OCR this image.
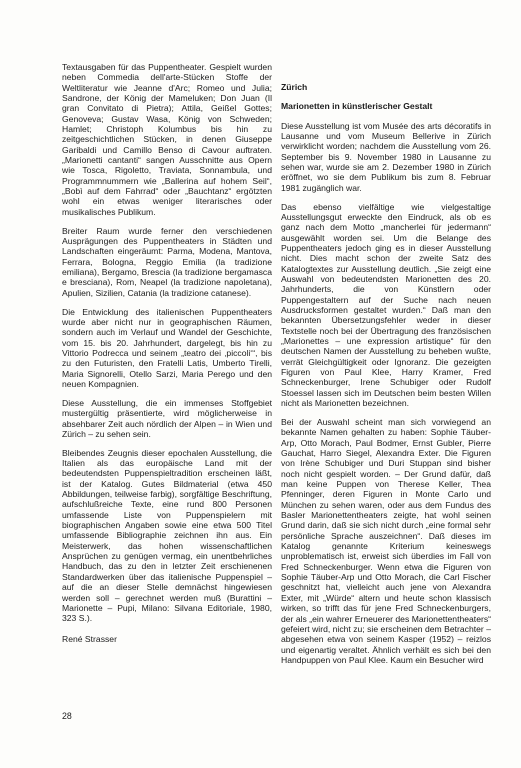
Textausgaben für das Puppentheater. Gespielt wurden neben Commedia dell'arte-Stücken Stoffe der Weltliteratur wie Jeanne d'Arc; Romeo und Julia; Sandrone, der König der Mameluken; Don Juan (Il gran Convitato di Pietra); Attila, Geißel Gottes; Genoveva; Gustav Wasa, König von Schweden; Hamlet; Christoph Kolumbus bis hin zu zeitgeschichtlichen Stücken, in denen Giuseppe Garibaldi und Camillo Benso di Cavour auftraten. „Marionetti cantanti“ sangen Ausschnitte aus Opern wie Tosca, Rigoletto, Traviata, Sonnambula, und Programmnummern wie „Ballerina auf hohem Seil“, „Bobì auf dem Fahrrad“ oder „Bauchtanz“ ergötzten wohl ein etwas weniger literarisches oder musikalisches Publikum.

Breiter Raum wurde ferner den verschiedenen Ausprägungen des Puppentheaters in Städten und Landschaften eingeräumt: Parma, Modena, Mantova, Ferrara, Bologna, Reggio Emilia (la tradizione emiliana), Bergamo, Brescia (la tradizione bergamasca e bresciana), Rom, Neapel (la tradizione napoletana), Apulien, Sizilien, Catania (la tradizione catanese).

Die Entwicklung des italienischen Puppentheaters wurde aber nicht nur in geographischen Räumen, sondern auch im Verlauf und Wandel der Geschichte, vom 15. bis 20. Jahrhundert, dargelegt, bis hin zu Vittorio Podrecca und seinem „teatro dei ‚piccoli‘“, bis zu den Futuristen, den Fratelli Latis, Umberto Tirelli, Maria Signorelli, Otello Sarzi, Maria Perego und den neuen Kompagnien.

Diese Ausstellung, die ein immenses Stoffgebiet mustergültig präsentierte, wird möglicherweise in absehbarer Zeit auch nördlich der Alpen – in Wien und Zürich – zu sehen sein.

Bleibendes Zeugnis dieser epochalen Ausstellung, die Italien als das europäische Land mit der bedeutendsten Puppenspieltradition erscheinen läßt, ist der Katalog. Gutes Bildmaterial (etwa 450 Abbildungen, teilweise farbig), sorgfältige Beschriftung, aufschlußreiche Texte, eine rund 800 Personen umfassende Liste von Puppenspielern mit biographischen Angaben sowie eine etwa 500 Titel umfassende Bibliographie zeichnen ihn aus. Ein Meisterwerk, das hohen wissenschaftlichen Ansprüchen zu genügen vermag, ein unentbehrliches Handbuch, das zu den in letzter Zeit erschienenen Standardwerken über das italienische Puppenspiel – auf die an dieser Stelle demnächst hingewiesen werden soll – gerechnet werden muß (Burattini – Marionette – Pupi, Milano: Silvana Editoriale, 1980, 323 S.).

René Strasser

Zürich

Marionetten in künstlerischer Gestalt

Diese Ausstellung ist vom Musée des arts décoratifs in Lausanne und vom Museum Bellerive in Zürich verwirklicht worden; nachdem die Ausstellung vom 26. September bis 9. November 1980 in Lausanne zu sehen war, wurde sie am 2. Dezember 1980 in Zürich eröffnet, wo sie dem Publikum bis zum 8. Februar 1981 zugänglich war.

Das ebenso vielfältige wie vielgestaltige Ausstellungsgut erweckte den Eindruck, als ob es ganz nach dem Motto „mancherlei für jedermann“ ausgewählt worden sei. Um die Belange des Puppentheaters jedoch ging es in dieser Ausstellung nicht. Dies macht schon der zweite Satz des Katalogtextes zur Ausstellung deutlich. „Sie zeigt eine Auswahl von bedeutendsten Marionetten des 20. Jahrhunderts, die von Künstlern oder Puppengestaltern auf der Suche nach neuen Ausdrucksformen gestaltet wurden.“ Daß man den bekannten Übersetzungsfehler weder in dieser Textstelle noch bei der Übertragung des französischen „Marionettes – une expression artistique“ für den deutschen Namen der Ausstellung zu beheben wußte, verrät Gleichgültigkeit oder Ignoranz. Die gezeigten Figuren von Paul Klee, Harry Kramer, Fred Schneckenburger, Irene Schubiger oder Rudolf Stoessel lassen sich im Deutschen beim besten Willen nicht als Marionetten bezeichnen.

Bei der Auswahl scheint man sich vorwiegend an bekannte Namen gehalten zu haben: Sophie Täuber-Arp, Otto Morach, Paul Bodmer, Ernst Gubler, Pierre Gauchat, Harro Siegel, Alexandra Exter. Die Figuren von Irène Schubiger und Duri Stuppan sind bisher noch nicht gespielt worden. – Der Grund dafür, daß man keine Puppen von Therese Keller, Thea Pfenninger, deren Figuren in Monte Carlo und München zu sehen waren, oder aus dem Fundus des Basler Marionettentheaters zeigte, hat wohl seinen Grund darin, daß sie sich nicht durch „eine formal sehr persönliche Sprache auszeichnen“. Daß dieses im Katalog genannte Kriterium keineswegs unproblematisch ist, erweist sich überdies im Fall von Fred Schneckenburger. Wenn etwa die Figuren von Sophie Täuber-Arp und Otto Morach, die Carl Fischer geschnitzt hat, vielleicht auch jene von Alexandra Exter, mit „Würde“ altern und heute schon klassisch wirken, so trifft das für jene Fred Schneckenburgers, der als „ein wahrer Erneuerer des Marionettentheaters“ gefeiert wird, nicht zu; sie erscheinen dem Betrachter – abgesehen etwa von seinem Kasper (1952) – reizlos und eigenartig veraltet. Ähnlich verhält es sich bei den Handpuppen von Paul Klee. Kaum ein Besucher wird

28
